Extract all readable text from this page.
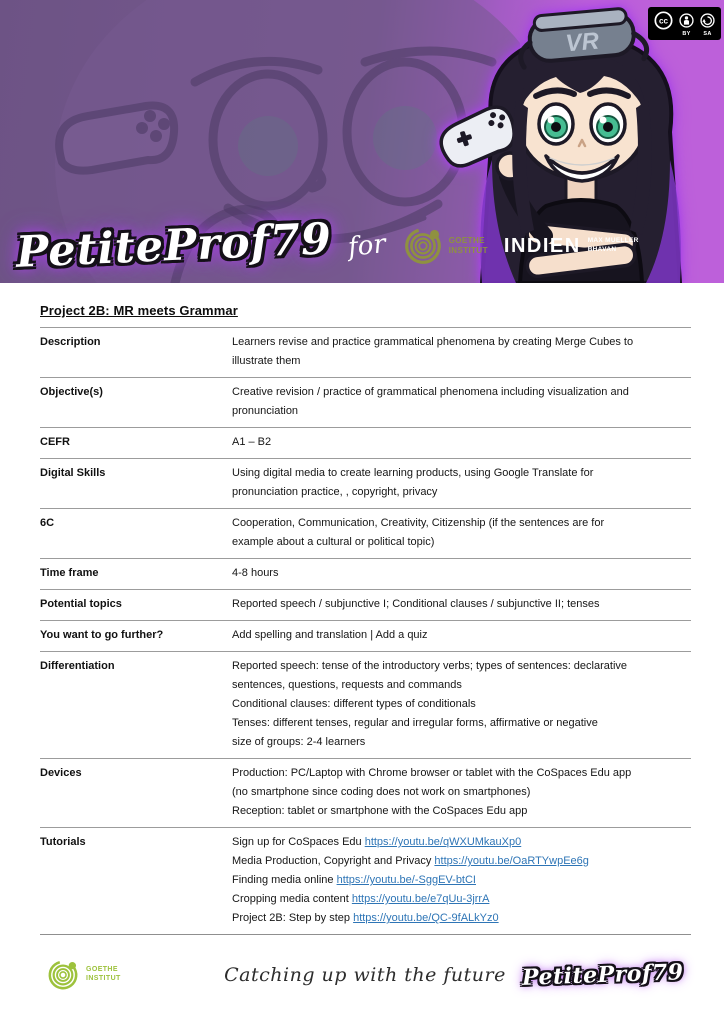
VR
cc
BY SA
PetiteProf79 for	GOETHE
INSTITUT INDIEN MAX MUELLER
BHAVAN
Project 2B: MR meets Grammar
Description	Learners revise and practice grammatical phenomena by creating Merge Cubes to
illustrate them
Objective(s)	Creative revision / practice of grammatical phenomena including visualization and
pronunciation
CEFR	A1 – B2
Digital Skills	Using digital media to create learning products, using Google Translate for
pronunciation practice, , copyright, privacy
6C	Cooperation, Communication, Creativity, Citizenship (if the sentences are for
example about a cultural or political topic)
Time frame	4-8 hours
Potential topics	Reported speech / subjunctive I; Conditional clauses / subjunctive II; tenses
You want to go further?	Add spelling and translation | Add a quiz
Differentiation	Reported speech: tense of the introductory verbs; types of sentences: declarative
sentences, questions, requests and commands
Conditional clauses: different types of conditionals
Tenses: different tenses, regular and irregular forms, affirmative or negative
size of groups: 2-4 learners
Devices	Production: PC/Laptop with Chrome browser or tablet with the CoSpaces Edu app
(no smartphone since coding does not work on smartphones)
Reception: tablet or smartphone with the CoSpaces Edu app
Tutorials	Sign up for CoSpaces Edu https://youtu.be/qWXUMkauXp0
Media Production, Copyright and Privacy https://youtu.be/OaRTYwpEe6g
Finding media online https://youtu.be/-SggEV-btCI
Cropping media content https://youtu.be/e7qUu-3jrrA
Project 2B: Step by step https://youtu.be/QC-9fALkYz0
GOETHE
INSTITUT	Catching up with the future PetiteProf79
